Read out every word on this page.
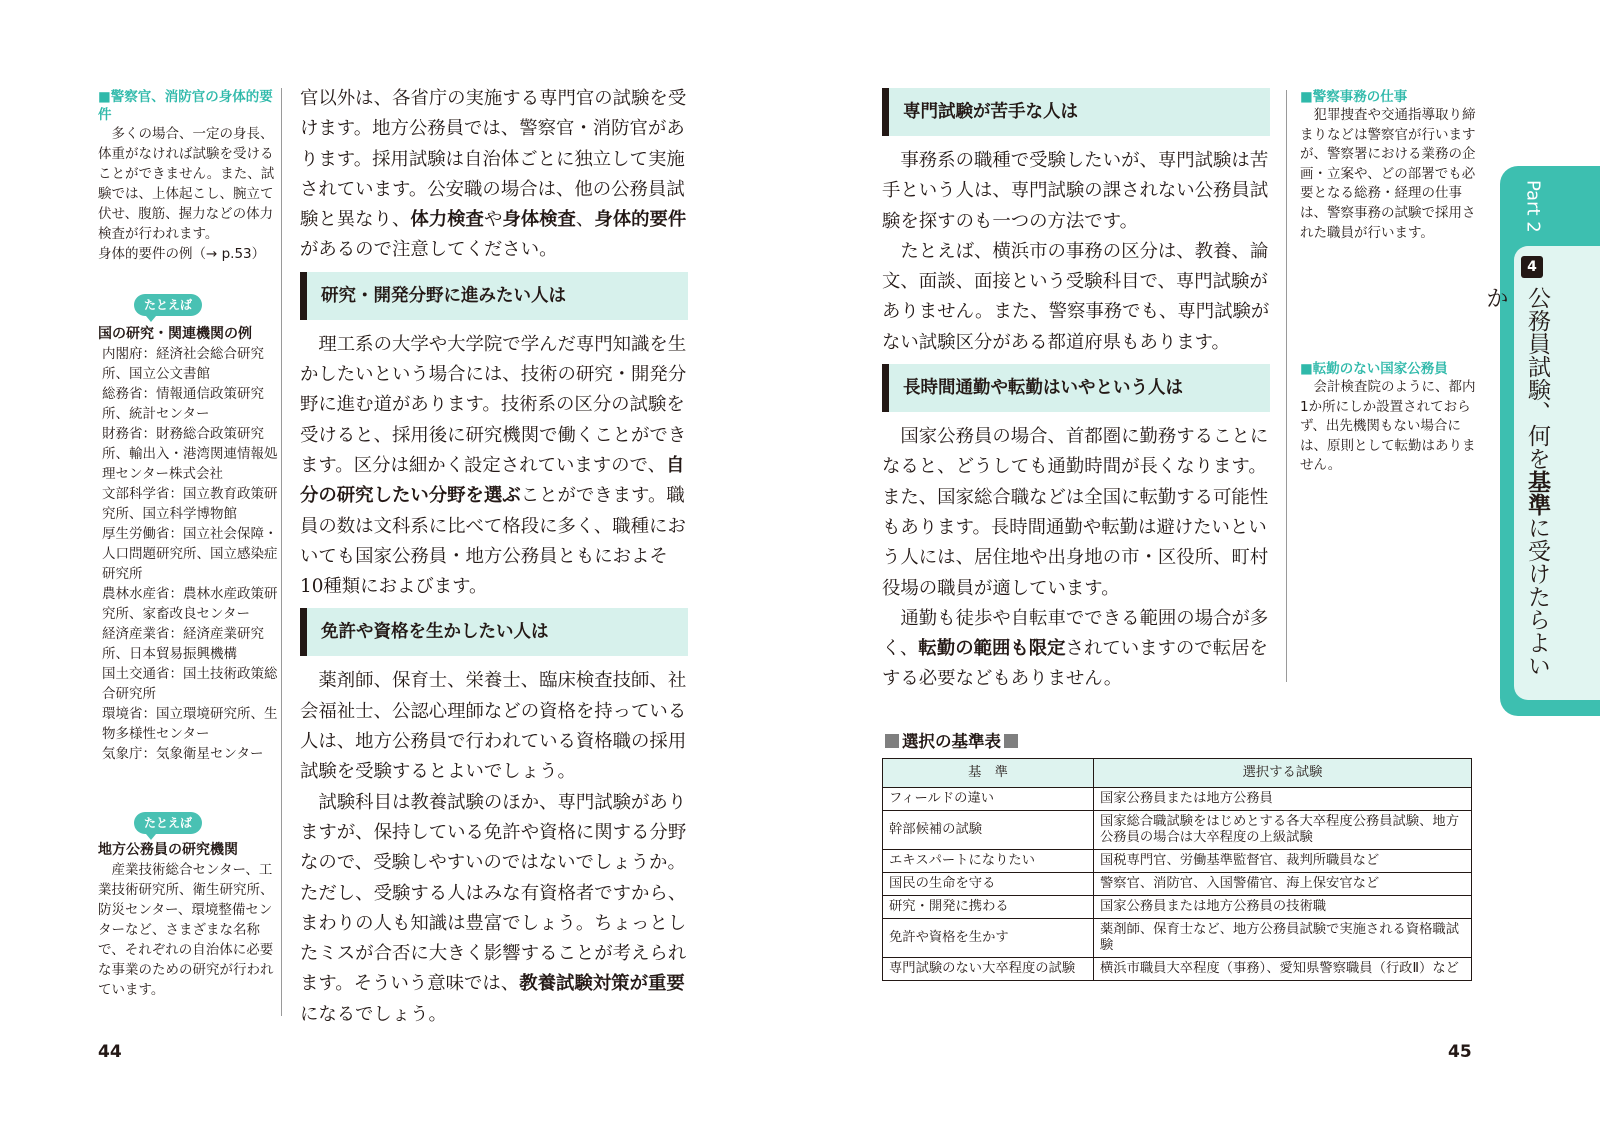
■警察官、消防官の身体的要件
多くの場合、一定の身長、体重がなければ試験を受けることができません。また、試験では、上体起こし、腕立て伏せ、腹筋、握力などの体力検査が行われます。
身体的要件の例（→ p.53）
たとえば
国の研究・関連機関の例
内閣府：経済社会総合研究所、国立公文書館
総務省：情報通信政策研究所、統計センター
財務省：財務総合政策研究所、輸出入・港湾関連情報処理センター株式会社
文部科学省：国立教育政策研究所、国立科学博物館
厚生労働省：国立社会保障・人口問題研究所、国立感染症研究所
農林水産省：農林水産政策研究所、家畜改良センター
経済産業省：経済産業研究所、日本貿易振興機構
国土交通省：国土技術政策総合研究所
環境省：国立環境研究所、生物多様性センター
気象庁：気象衛星センター
たとえば
地方公務員の研究機関
産業技術総合センター、工業技術研究所、衛生研究所、防災センター、環境整備センターなど、さまざまな名称で、それぞれの自治体に必要な事業のための研究が行われています。

官以外は、各省庁の実施する専門官の試験を受けます。地方公務員では、警察官・消防官があります。採用試験は自治体ごとに独立して実施されています。公安職の場合は、他の公務員試験と異なり、体力検査や身体検査、身体的要件があるので注意してください。

研究・開発分野に進みたい人は

理工系の大学や大学院で学んだ専門知識を生かしたいという場合には、技術の研究・開発分野に進む道があります。技術系の区分の試験を受けると、採用後に研究機関で働くことができます。区分は細かく設定されていますので、自分の研究したい分野を選ぶことができます。職員の数は文科系に比べて格段に多く、職種においても国家公務員・地方公務員ともにおよそ10種類におよびます。

免許や資格を生かしたい人は

薬剤師、保育士、栄養士、臨床検査技師、社会福祉士、公認心理師などの資格を持っている人は、地方公務員で行われている資格職の採用試験を受験するとよいでしょう。

試験科目は教養試験のほか、専門試験がありますが、保持している免許や資格に関する分野なので、受験しやすいのではないでしょうか。ただし、受験する人はみな有資格者ですから、まわりの人も知識は豊富でしょう。ちょっとしたミスが合否に大きく影響することが考えられます。そういう意味では、教養試験対策が重要になるでしょう。

44
専門試験が苦手な人は

事務系の職種で受験したいが、専門試験は苦手という人は、専門試験の課されない公務員試験を探すのも一つの方法です。

たとえば、横浜市の事務の区分は、教養、論文、面談、面接という受験科目で、専門試験がありません。また、警察事務でも、専門試験がない試験区分がある都道府県もあります。

長時間通勤や転勤はいやという人は

国家公務員の場合、首都圏に勤務することになると、どうしても通勤時間が長くなります。また、国家総合職などは全国に転勤する可能性もあります。長時間通勤や転勤は避けたいという人には、居住地や出身地の市・区役所、町村役場の職員が適しています。

通勤も徒歩や自転車でできる範囲の場合が多く、転勤の範囲も限定されていますので転居をする必要などもありません。

■警察事務の仕事
犯罪捜査や交通指導取り締まりなどは警察官が行いますが、警察署における業務の企画・立案や、どの部署でも必要となる総務・経理の仕事は、警察事務の試験で採用された職員が行います。
■転勤のない国家公務員
会計検査院のように、都内1か所にしか設置されておらず、出先機関もない場合には、原則として転勤はありません。
Part 2
4
公務員試験、何を基準に受けたらよいか
選択の基準表
基　準	選択する試験
フィールドの違い	国家公務員または地方公務員
幹部候補の試験	国家総合職試験をはじめとする各大卒程度公務員試験、地方公務員の場合は大卒程度の上級試験
エキスパートになりたい	国税専門官、労働基準監督官、裁判所職員など
国民の生命を守る	警察官、消防官、入国警備官、海上保安官など
研究・開発に携わる	国家公務員または地方公務員の技術職
免許や資格を生かす	薬剤師、保育士など、地方公務員試験で実施される資格職試験
専門試験のない大卒程度の試験	横浜市職員大卒程度（事務）、愛知県警察職員（行政Ⅱ）など
45
